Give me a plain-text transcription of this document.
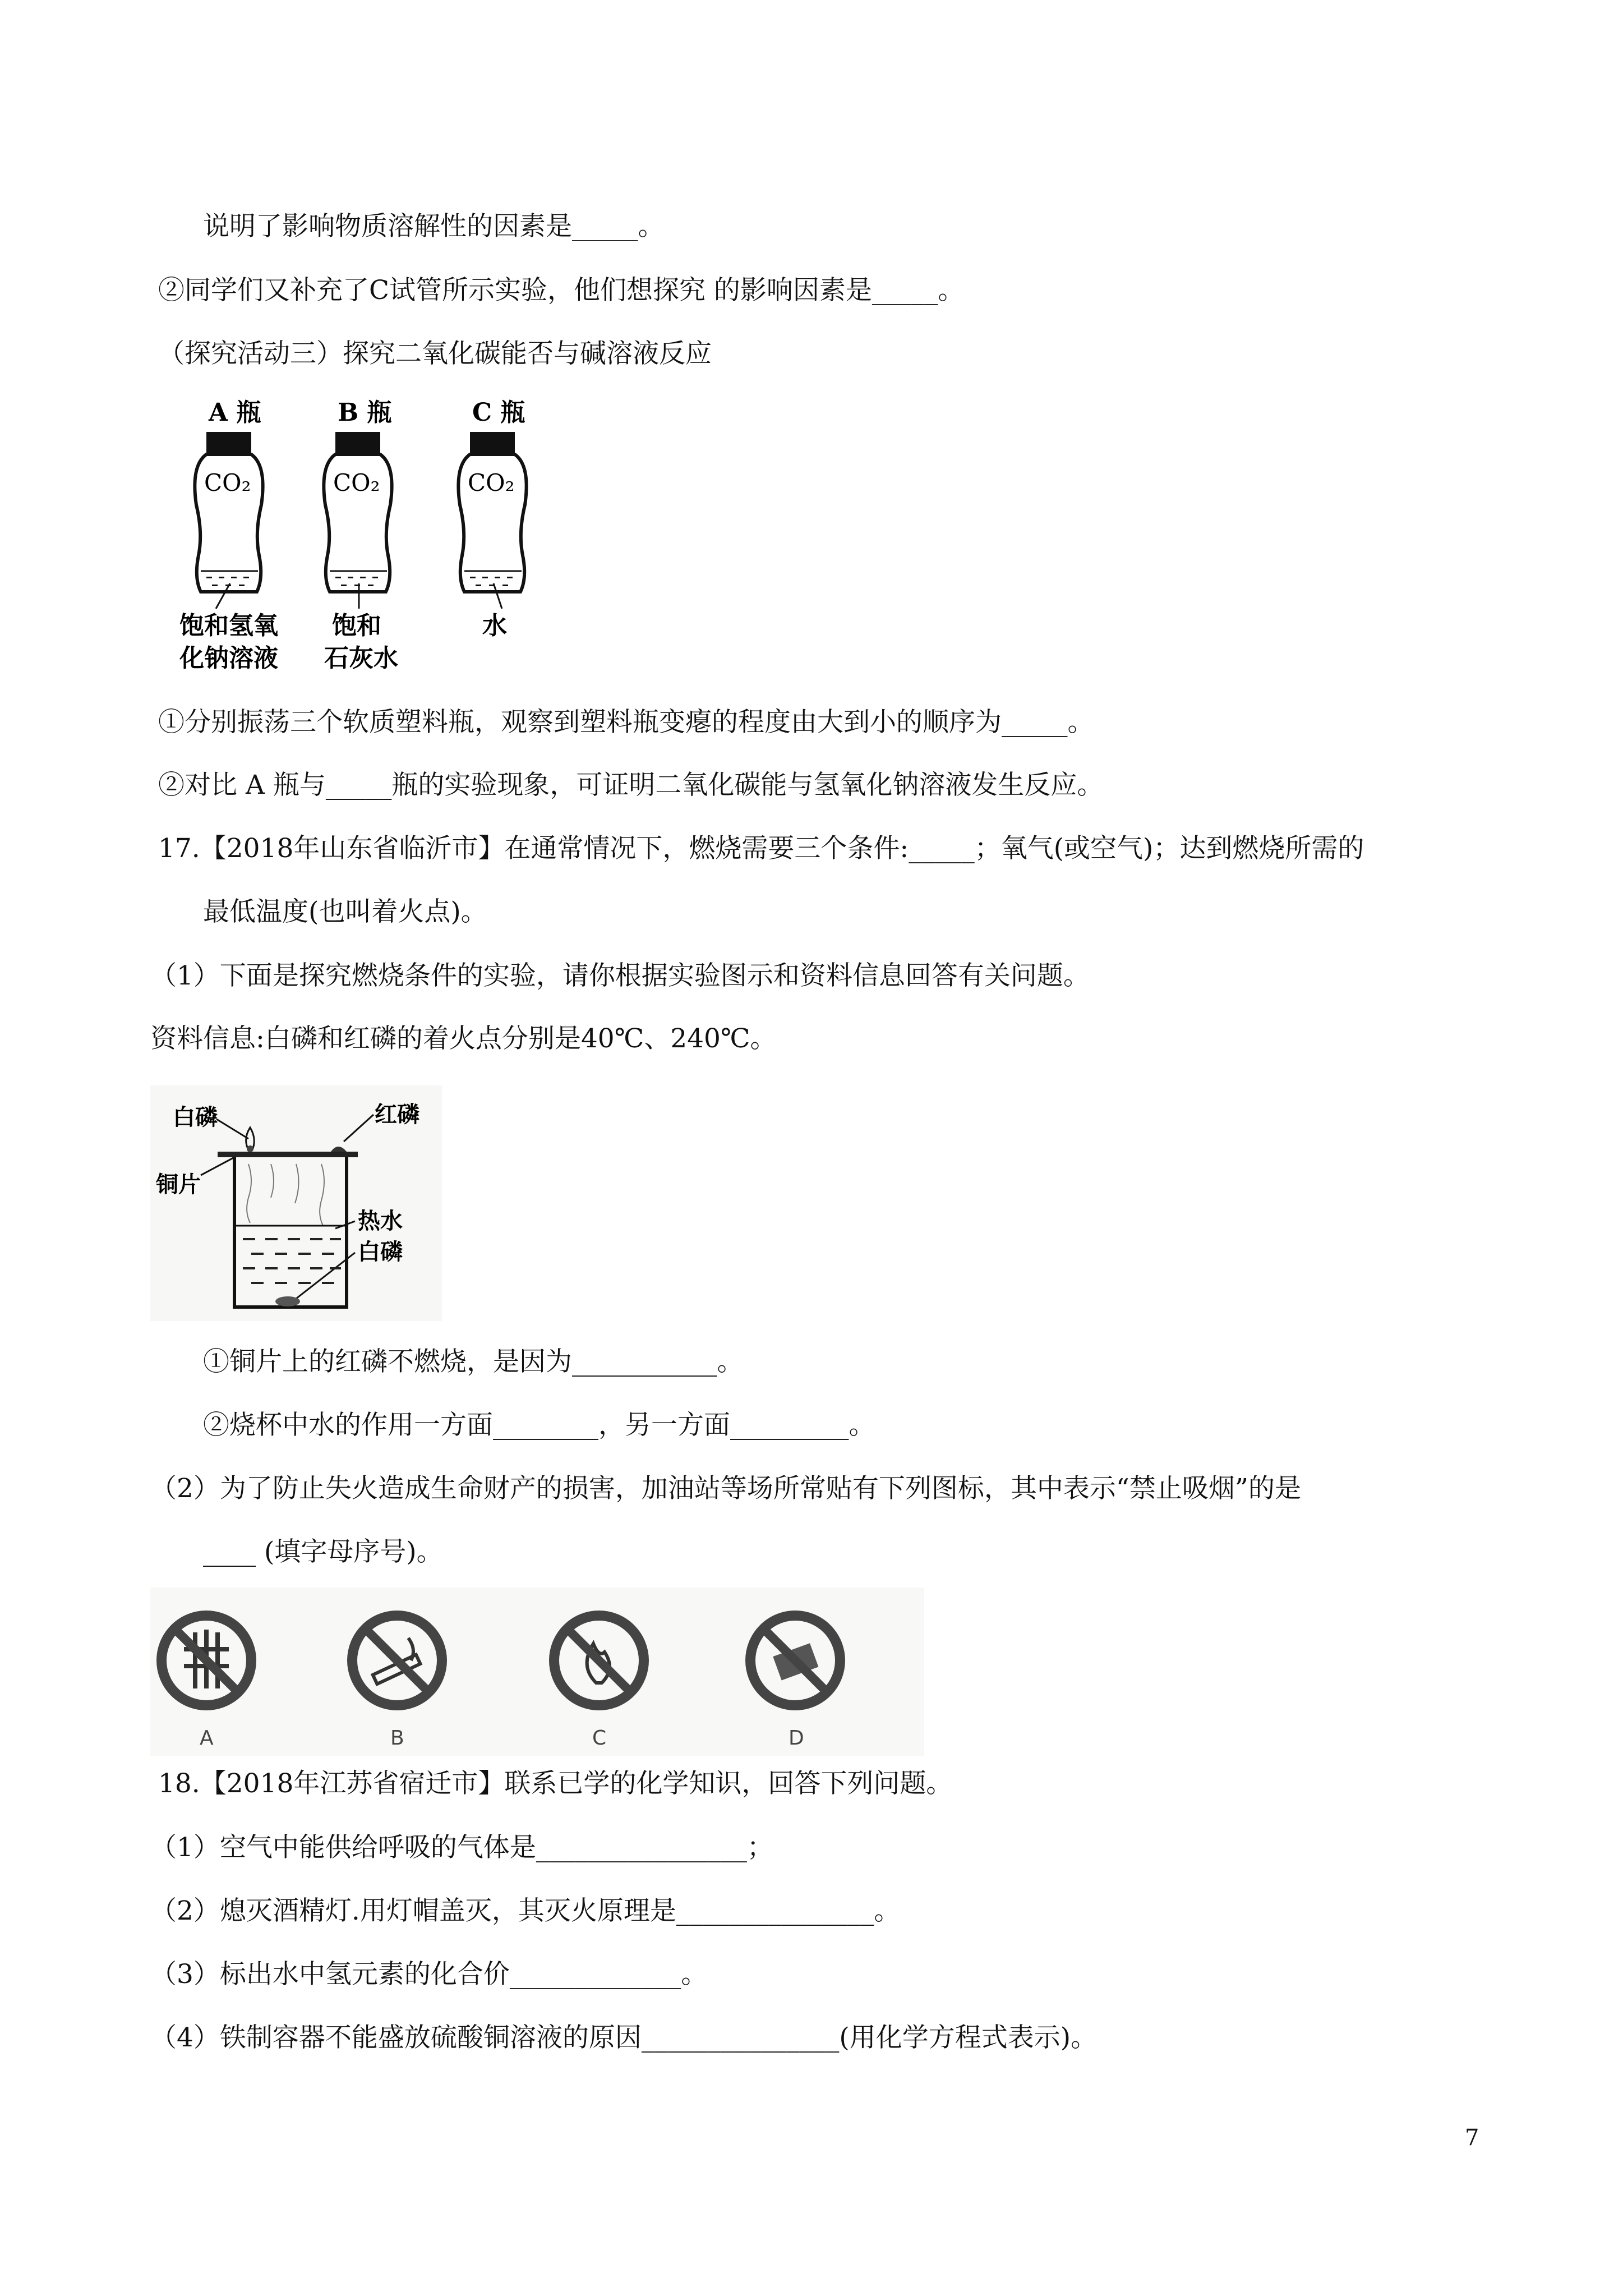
说明了影响物质溶解性的因素是_____。
②同学们又补充了C试管所示实验，他们想探究 的影响因素是_____。
（探究活动三）探究二氧化碳能否与碱溶液反应
A 瓶
CO₂
饱和氢氧
化钠溶液
B 瓶
CO₂
饱和
石灰水
C 瓶
CO₂
水
①分别振荡三个软质塑料瓶，观察到塑料瓶变瘪的程度由大到小的顺序为_____。
②对比 A 瓶与_____瓶的实验现象，可证明二氧化碳能与氢氧化钠溶液发生反应。
17.【2018年山东省临沂市】在通常情况下，燃烧需要三个条件:_____；氧气(或空气)；达到燃烧所需的
最低温度(也叫着火点)。
（1）下面是探究燃烧条件的实验，请你根据实验图示和资料信息回答有关问题。
资料信息:白磷和红磷的着火点分别是40℃、240℃。
白磷	红磷
铜片
热水
白磷
①铜片上的红磷不燃烧，是因为___________。
②烧杯中水的作用一方面________，另一方面_________。
（2）为了防止失火造成生命财产的损害，加油站等场所常贴有下列图标，其中表示“禁止吸烟”的是
____ (填字母序号)。
A	B	C	D
18.【2018年江苏省宿迁市】联系已学的化学知识，回答下列问题。
（1）空气中能供给呼吸的气体是________________；
（2）熄灭酒精灯.用灯帽盖灭，其灭火原理是_______________。
（3）标出水中氢元素的化合价_____________。
（4）铁制容器不能盛放硫酸铜溶液的原因_______________(用化学方程式表示)。
7
